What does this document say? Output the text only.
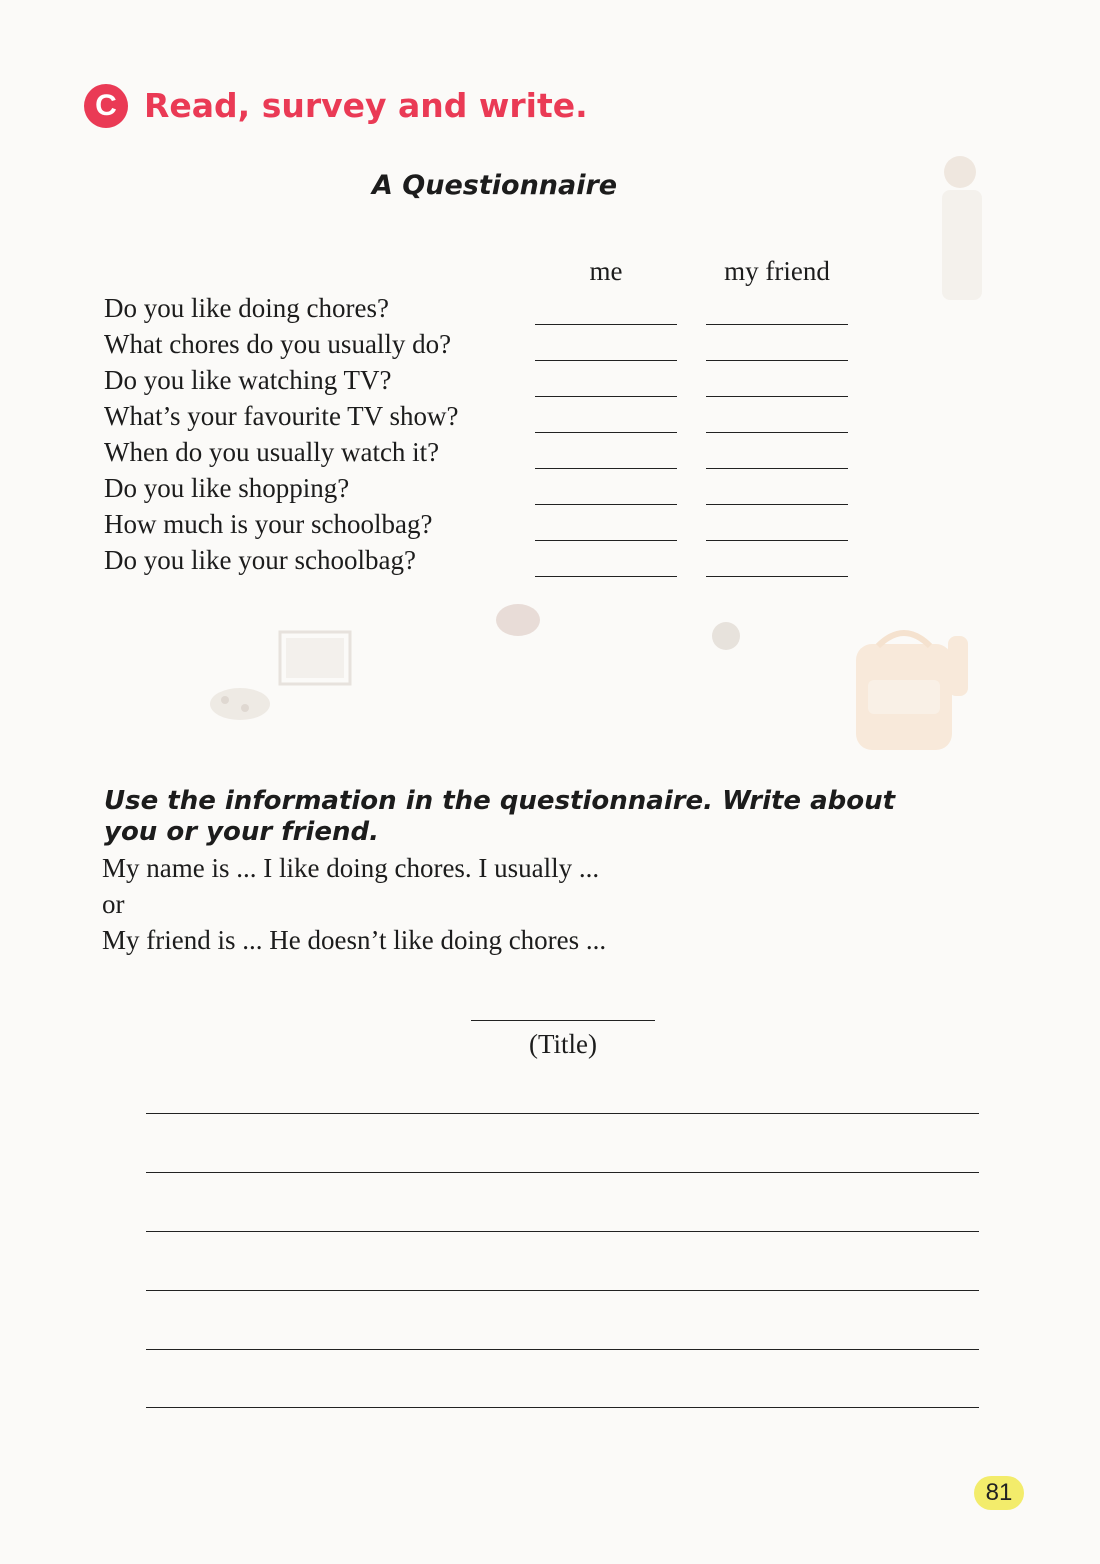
C Read, survey and write.
A Questionnaire
me	my friend
Do you like doing chores?
What chores do you usually do?
Do you like watching TV?
What’s your favourite TV show?
When do you usually watch it?
Do you like shopping?
How much is your schoolbag?
Do you like your schoolbag?
Use the information in the questionnaire. Write about you or your friend.
My name is ... I like doing chores. I usually ...
or
My friend is ... He doesn’t like doing chores ...
(Title)
81
